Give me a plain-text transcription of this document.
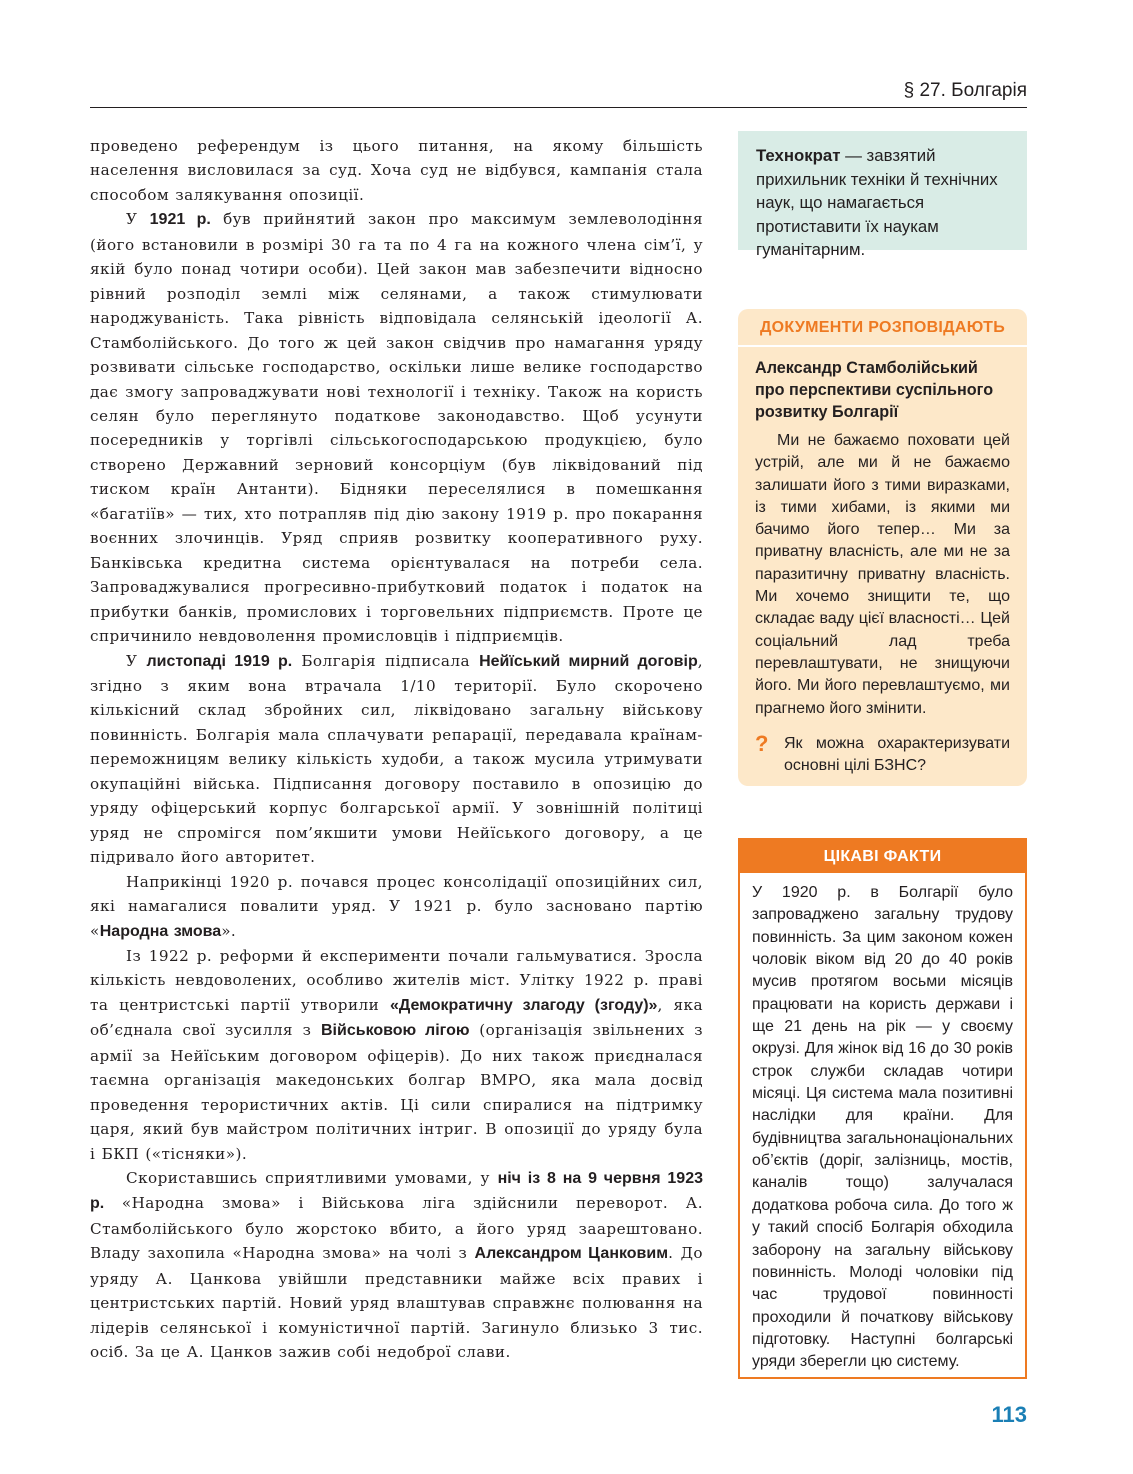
§ 27. Болгарія

проведено референдум із цього питання, на якому більшість населення висловилася за суд. Хоча суд не відбувся, кампанія стала способом залякування опозиції.

У 1921 р. був прийнятий закон про максимум землеволодіння (його встановили в розмірі 30 га та по 4 га на кожного члена сім’ї, у якій було понад чотири особи). Цей закон мав забезпечити відносно рівний розподіл землі між селянами, а також стимулювати народжуваність. Така рівність відповідала селянській ідеології А. Стамболійського. До того ж цей закон свідчив про намагання уряду розвивати сільське господарство, оскільки лише велике господарство дає змогу запроваджувати нові технології і техніку. Також на користь селян було переглянуто податкове законодавство. Щоб усунути посередників у торгівлі сільськогосподарською продукцією, було створено Державний зерновий консорціум (був ліквідований під тиском країн Антанти). Бідняки переселялися в помешкання «багатіїв» — тих, хто потрапляв під дію закону 1919 р. про покарання воєнних злочинців. Уряд сприяв розвитку кооперативного руху. Банківська кредитна система орієнтувалася на потреби села. Запроваджувалися прогресивно-прибутковий податок і податок на прибутки банків, промислових і торговельних підприємств. Проте це спричинило невдоволення промисловців і підприємців.

У листопаді 1919 р. Болгарія підписала Нейїський мирний договір, згідно з яким вона втрачала 1/10 території. Було скорочено кількісний склад збройних сил, ліквідовано загальну військову повинність. Болгарія мала сплачувати репарації, передавала країнам-переможницям велику кількість худоби, а також мусила утримувати окупаційні війська. Підписання договору поставило в опозицію до уряду офіцерський корпус болгарської армії. У зовнішній політиці уряд не спромігся пом’якшити умови Нейїського договору, а це підривало його авторитет.

Наприкінці 1920 р. почався процес консолідації опозиційних сил, які намагалися повалити уряд. У 1921 р. було засновано партію «Народна змова».

Із 1922 р. реформи й експерименти почали гальмуватися. Зросла кількість невдоволених, особливо жителів міст. Улітку 1922 р. праві та центристські партії утворили «Демократичну злагоду (згоду)», яка об’єднала свої зусилля з Військовою лігою (організація звільнених з армії за Нейїським договором офіцерів). До них також приєдналася таємна організація македонських болгар ВМРО, яка мала досвід проведення терористичних актів. Ці сили спиралися на підтримку царя, який був майстром політичних інтриг. В опозиції до уряду була і БКП («тісняки»).

Скориставшись сприятливими умовами, у ніч із 8 на 9 червня 1923 р. «Народна змова» і Військова ліга здійснили переворот. А. Стамболійського було жорстоко вбито, а його уряд заарештовано. Владу захопила «Народна змова» на чолі з Александром Цанковим. До уряду А. Цанкова увійшли представники майже всіх правих і центристських партій. Новий уряд влаштував справжнє полювання на лідерів селянської і комуністичної партій. Загинуло близько 3 тис. осіб. За це А. Цанков зажив собі недоброї слави.

Технократ — завзятий прихильник техніки й технічних наук, що намагається протиставити їх наукам гуманітарним.
ДОКУМЕНТИ РОЗПОВІДАЮТЬ
Александр Стамболійський про перспективи суспільного розвитку Болгарії
Ми не бажаємо поховати цей устрій, але ми й не бажаємо залишати його з тими виразками, із тими хибами, із якими ми бачимо його тепер… Ми за приватну власність, але ми не за паразитичну приватну власність. Ми хочемо знищити те, що складає ваду цієї власності… Цей соціальний лад треба перевлаштувати, не знищуючи його. Ми його перевлаштуємо, ми прагнемо його змінити.
? Як можна охарактеризувати основні цілі БЗНС?
ЦІКАВІ ФАКТИ
У 1920 р. в Болгарії було запроваджено загальну трудову повинність. За цим законом кожен чоловік віком від 20 до 40 років мусив протягом восьми місяців працювати на користь держави і ще 21 день на рік — у своєму окрузі. Для жінок від 16 до 30 років строк служби складав чотири місяці. Ця система мала позитивні наслідки для країни. Для будівництва загальнонаціональних об’єктів (доріг, залізниць, мостів, каналів тощо) залучалася додаткова робоча сила. До того ж у такий спосіб Болгарія обходила заборону на загальну військову повинність. Молоді чоловіки під час трудової повинності проходили й початкову військову підготовку. Наступні болгарські уряди зберегли цю систему.
113
